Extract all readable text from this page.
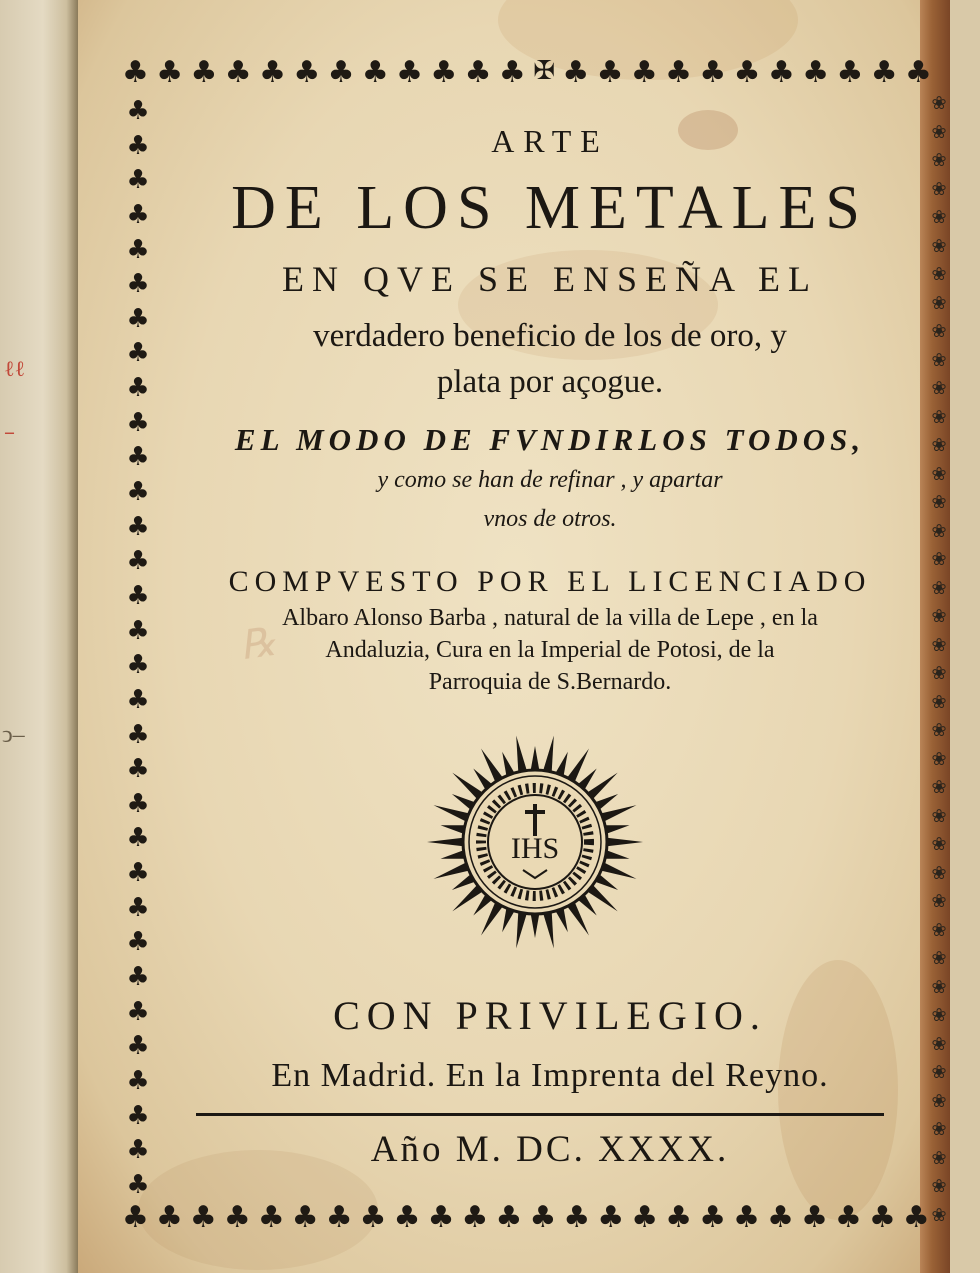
ℓℓ
–
ↄ–
℞
♣ ♣ ♣ ♣ ♣ ♣ ♣ ♣ ♣ ♣ ♣ ♣ ✠ ♣ ♣ ♣ ♣ ♣ ♣ ♣ ♣ ♣ ♣ ♣
♣
♣
♣
♣
♣
♣
♣
♣
♣
♣
♣
♣
♣
♣
♣
♣
♣
♣
♣
♣
♣
♣
♣
♣
♣
♣
♣
♣
♣
♣
♣
♣
❀
❀
❀
❀
❀
❀
❀
❀
❀
❀
❀
❀
❀
❀
❀
❀
❀
❀
❀
❀
❀
❀
❀
❀
❀
❀
❀
❀
❀
❀
❀
❀
❀
❀
❀
❀
❀
❀
❀
❀
♣ ♣ ♣ ♣ ♣ ♣ ♣ ♣ ♣ ♣ ♣ ♣ ♣ ♣ ♣ ♣ ♣ ♣ ♣ ♣ ♣ ♣ ♣ ♣
ARTE
DE LOS METALES
EN QVE SE ENSEÑA EL
verdadero beneficio de los de oro, y
plata por açogue.
EL MODO DE FVNDIRLOS TODOS,
y como se han de refinar , y apartar
vnos de otros.
COMPVESTO POR EL LICENCIADO
Albaro Alonso Barba , natural de la villa de Lepe , en la
Andaluzia, Cura en la Imperial de Potosi, de la
Parroquia de S.Bernardo.
IHS
CON PRIVILEGIO.
En Madrid. En la Imprenta del Reyno.
Año M. DC. XXXX.
